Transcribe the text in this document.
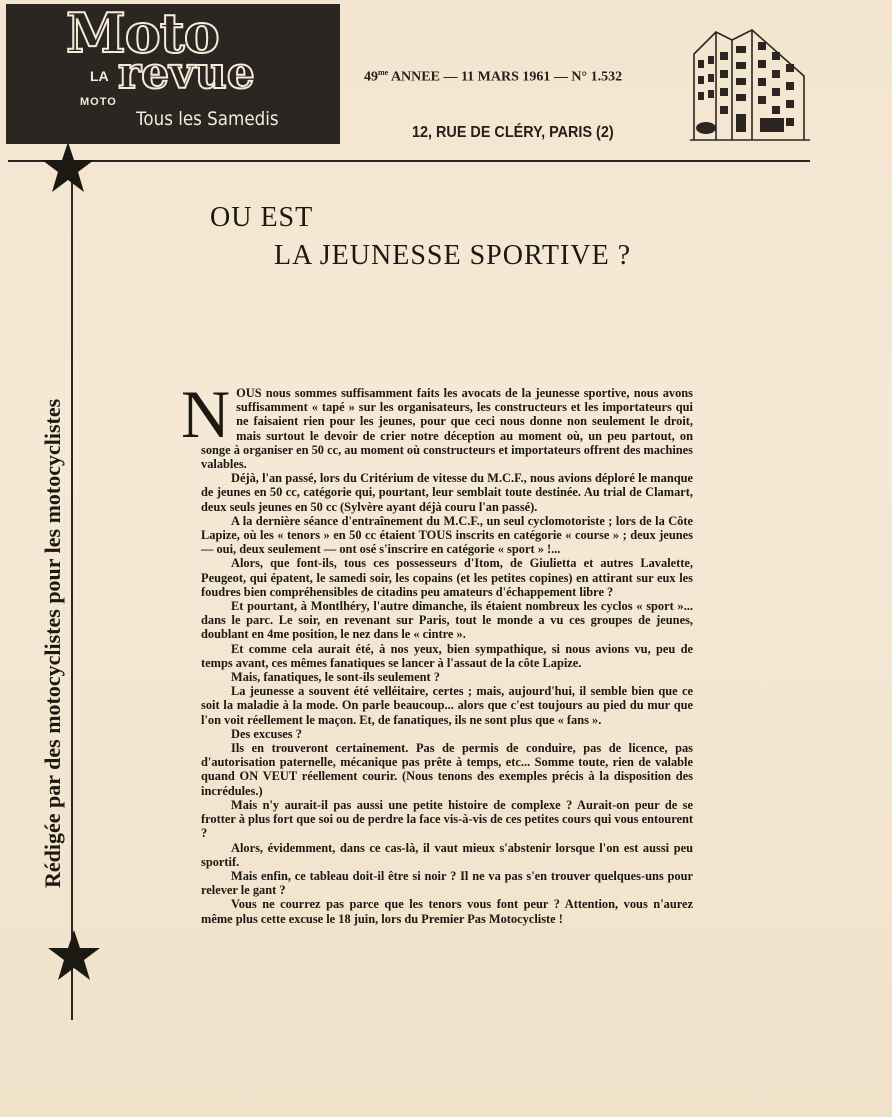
Moto
LA
MOTO
revue
Tous les Samedis
$49^{me}$ ANNEE — 11 MARS 1961 — N° 1.532
12, RUE DE CLÉRY, PARIS (2)
Rédigée par des motocyclistes pour les motocyclistes
OU EST
LA JEUNESSE SPORTIVE ?

NOUS nous sommes suffisamment faits les avocats de la jeunesse sportive, nous avons suffisamment « tapé » sur les organisateurs, les constructeurs et les importateurs qui ne faisaient rien pour les jeunes, pour que ceci nous donne non seulement le droit, mais surtout le devoir de crier notre déception au moment où, un peu partout, on songe à organiser en 50 cc, au moment où constructeurs et importateurs offrent des machines valables.

Déjà, l'an passé, lors du Critérium de vitesse du M.C.F., nous avions déploré le manque de jeunes en 50 cc, catégorie qui, pourtant, leur semblait toute destinée. Au trial de Clamart, deux seuls jeunes en 50 cc (Sylvère ayant déjà couru l'an passé).

A la dernière séance d'entraînement du M.C.F., un seul cyclomotoriste ; lors de la Côte Lapize, où les « tenors » en 50 cc étaient TOUS inscrits en catégorie « course » ; deux jeunes — oui, deux seulement — ont osé s'inscrire en catégorie « sport » !...

Alors, que font-ils, tous ces possesseurs d'Itom, de Giulietta et autres Lavalette, Peugeot, qui épatent, le samedi soir, les copains (et les petites copines) en attirant sur eux les foudres bien compréhensibles de citadins peu amateurs d'échappement libre ?

Et pourtant, à Montlhéry, l'autre dimanche, ils étaient nombreux les cyclos « sport »... dans le parc. Le soir, en revenant sur Paris, tout le monde a vu ces groupes de jeunes, doublant en 4me position, le nez dans le « cintre ».

Et comme cela aurait été, à nos yeux, bien sympathique, si nous avions vu, peu de temps avant, ces mêmes fanatiques se lancer à l'assaut de la côte Lapize.

Mais, fanatiques, le sont-ils seulement ?

La jeunesse a souvent été velléitaire, certes ; mais, aujourd'hui, il semble bien que ce soit la maladie à la mode. On parle beaucoup... alors que c'est toujours au pied du mur que l'on voit réellement le maçon. Et, de fanatiques, ils ne sont plus que « fans ».

Des excuses ?

Ils en trouveront certainement. Pas de permis de conduire, pas de licence, pas d'autorisation paternelle, mécanique pas prête à temps, etc... Somme toute, rien de valable quand ON VEUT réellement courir. (Nous tenons des exemples précis à la disposition des incrédules.)

Mais n'y aurait-il pas aussi une petite histoire de complexe ? Aurait-on peur de se frotter à plus fort que soi ou de perdre la face vis-à-vis de ces petites cours qui vous entourent ?

Alors, évidemment, dans ce cas-là, il vaut mieux s'abstenir lorsque l'on est aussi peu sportif.

Mais enfin, ce tableau doit-il être si noir ? Il ne va pas s'en trouver quelques-uns pour relever le gant ?

Vous ne courrez pas parce que les tenors vous font peur ? Attention, vous n'aurez même plus cette excuse le 18 juin, lors du Premier Pas Motocycliste !
